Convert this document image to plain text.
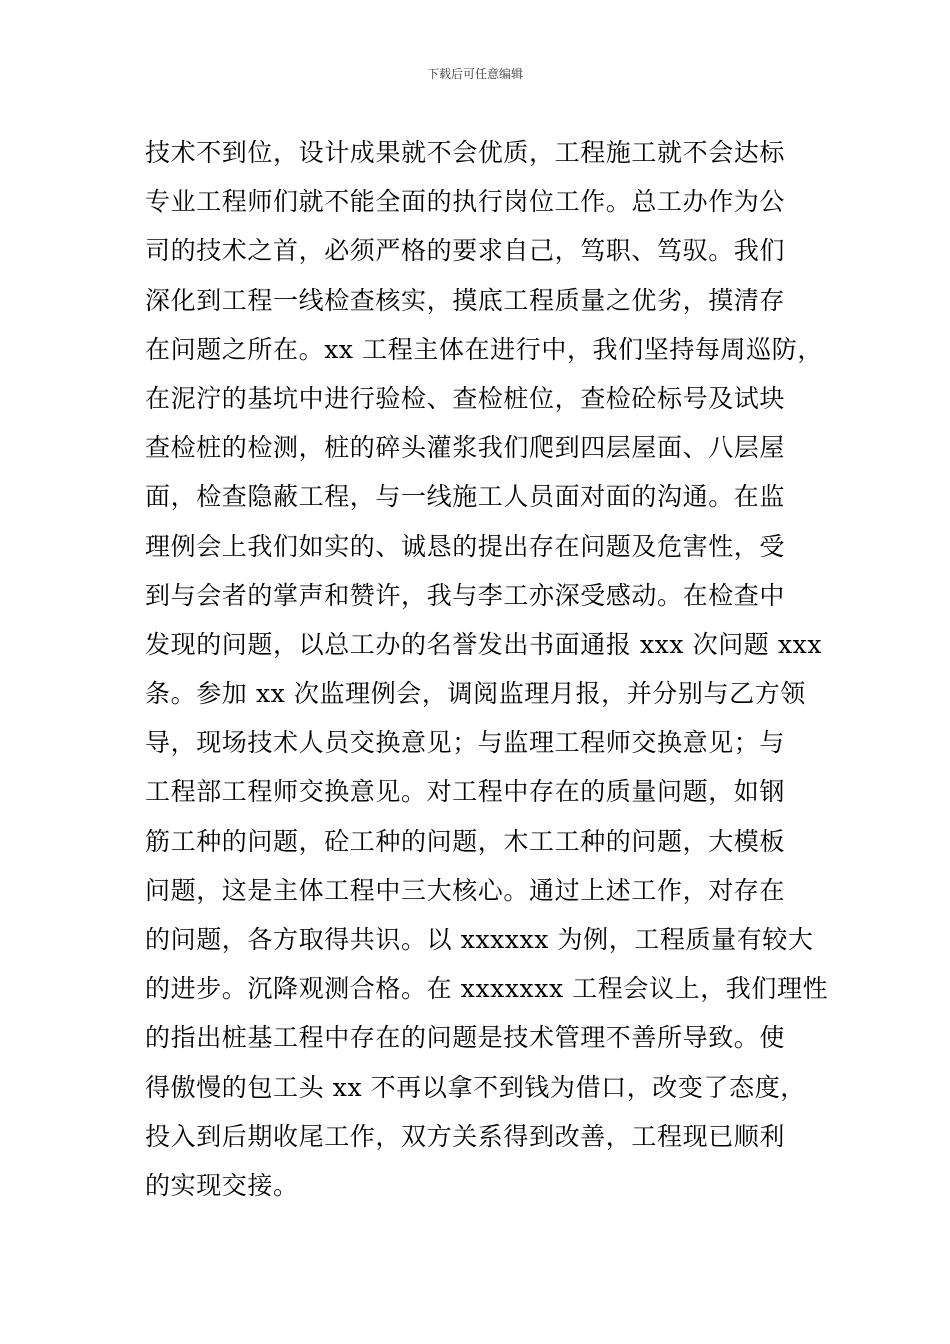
下载后可任意编辑
技术不到位，设计成果就不会优质，工程施工就不会达标
专业工程师们就不能全面的执行岗位工作。总工办作为公
司的技术之首，必须严格的要求自己，笃职、笃驭。我们
深化到工程一线检查核实，摸底工程质量之优劣，摸清存
在问题之所在。xx 工程主体在进行中，我们坚持每周巡防，
在泥泞的基坑中进行验检、查检桩位，查检砼标号及试块
查检桩的检测，桩的碎头灌浆我们爬到四层屋面、八层屋
面，检查隐蔽工程，与一线施工人员面对面的沟通。在监
理例会上我们如实的、诚恳的提出存在问题及危害性，受
到与会者的掌声和赞许，我与李工亦深受感动。在检查中
发现的问题，以总工办的名誉发出书面通报 xxx 次问题 xxx
条。参加 xx 次监理例会，调阅监理月报，并分别与乙方领
导，现场技术人员交换意见；与监理工程师交换意见；与
工程部工程师交换意见。对工程中存在的质量问题，如钢
筋工种的问题，砼工种的问题，木工工种的问题，大模板
问题，这是主体工程中三大核心。通过上述工作，对存在
的问题，各方取得共识。以 xxxxxx 为例，工程质量有较大
的进步。沉降观测合格。在 xxxxxxx 工程会议上，我们理性
的指出桩基工程中存在的问题是技术管理不善所导致。使
得傲慢的包工头 xx 不再以拿不到钱为借口，改变了态度，
投入到后期收尾工作，双方关系得到改善，工程现已顺利
的实现交接。
